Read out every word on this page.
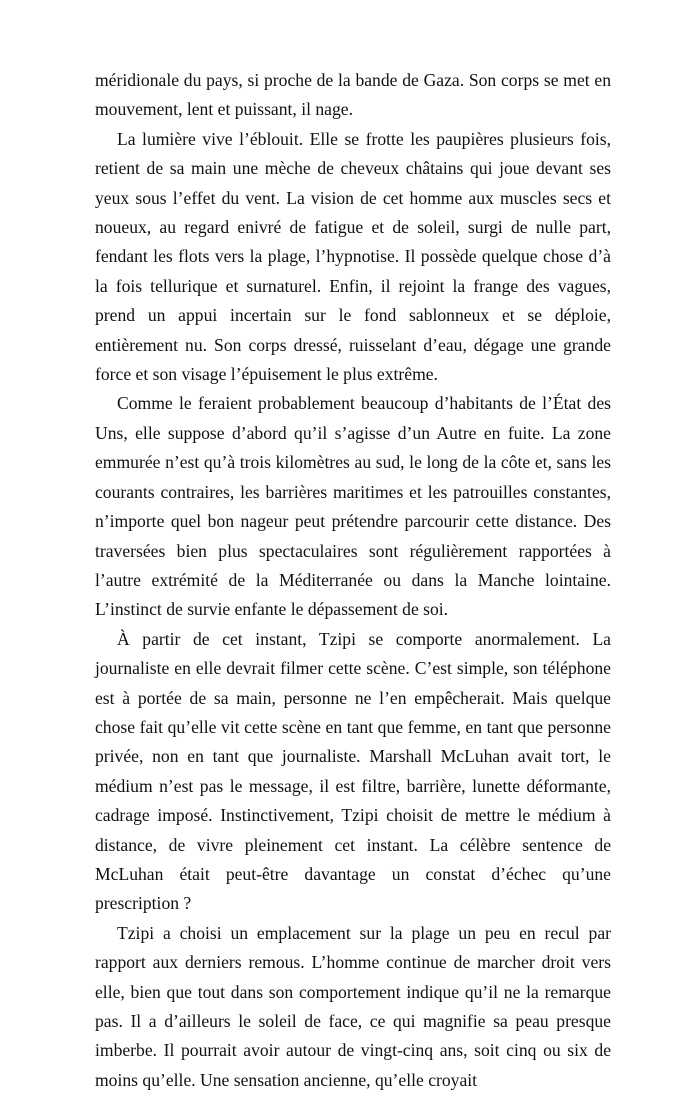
méridionale du pays, si proche de la bande de Gaza. Son corps se met en mouvement, lent et puissant, il nage.

La lumière vive l’éblouit. Elle se frotte les paupières plusieurs fois, retient de sa main une mèche de cheveux châtains qui joue devant ses yeux sous l’effet du vent. La vision de cet homme aux muscles secs et noueux, au regard enivré de fatigue et de soleil, surgi de nulle part, fendant les flots vers la plage, l’hypnotise. Il possède quelque chose d’à la fois tellurique et surnaturel. Enfin, il rejoint la frange des vagues, prend un appui incertain sur le fond sablonneux et se déploie, entièrement nu. Son corps dressé, ruisselant d’eau, dégage une grande force et son visage l’épuisement le plus extrême.

Comme le feraient probablement beaucoup d’habitants de l’État des Uns, elle suppose d’abord qu’il s’agisse d’un Autre en fuite. La zone emmurée n’est qu’à trois kilomètres au sud, le long de la côte et, sans les courants contraires, les barrières maritimes et les patrouilles constantes, n’importe quel bon nageur peut prétendre parcourir cette distance. Des traversées bien plus spectaculaires sont régulièrement rapportées à l’autre extrémité de la Méditerranée ou dans la Manche lointaine. L’instinct de survie enfante le dépassement de soi.

À partir de cet instant, Tzipi se comporte anormalement. La journaliste en elle devrait filmer cette scène. C’est simple, son téléphone est à portée de sa main, personne ne l’en empêcherait. Mais quelque chose fait qu’elle vit cette scène en tant que femme, en tant que personne privée, non en tant que journaliste. Marshall McLuhan avait tort, le médium n’est pas le message, il est filtre, barrière, lunette déformante, cadrage imposé. Instinctivement, Tzipi choisit de mettre le médium à distance, de vivre pleinement cet instant. La célèbre sentence de McLuhan était peut-être davantage un constat d’échec qu’une prescription ?

Tzipi a choisi un emplacement sur la plage un peu en recul par rapport aux derniers remous. L’homme continue de marcher droit vers elle, bien que tout dans son comportement indique qu’il ne la remarque pas. Il a d’ailleurs le soleil de face, ce qui magnifie sa peau presque imberbe. Il pourrait avoir autour de vingt-cinq ans, soit cinq ou six de moins qu’elle. Une sensation ancienne, qu’elle croyait
